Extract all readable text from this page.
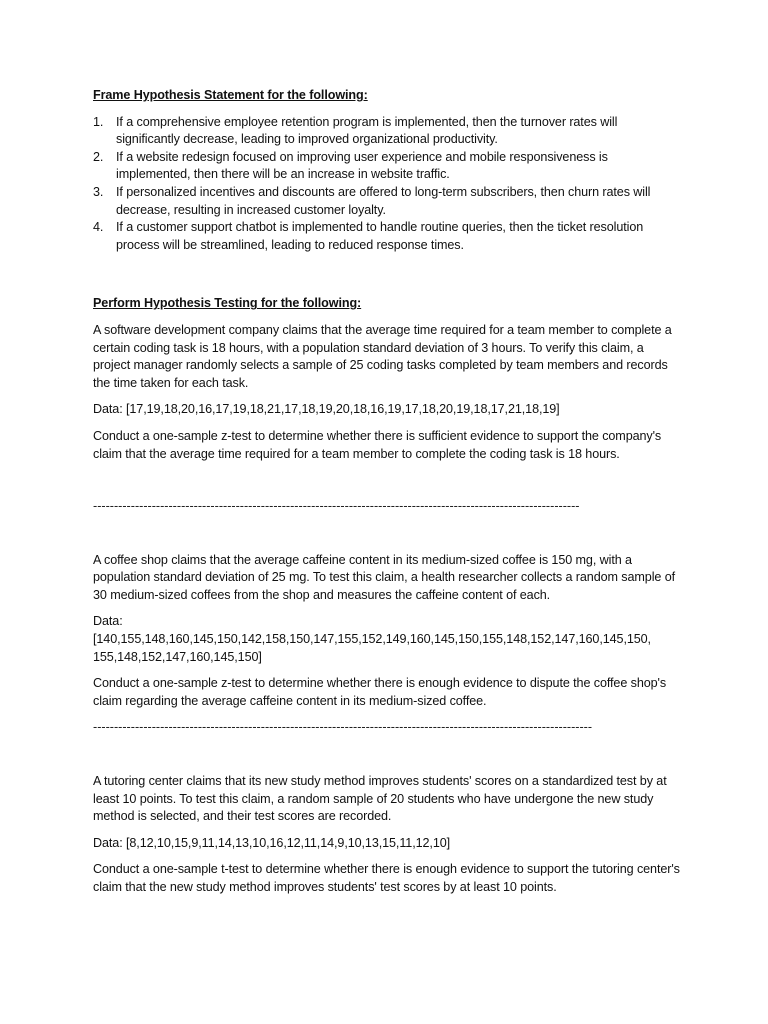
Frame Hypothesis Statement for the following:

1.	If a comprehensive employee retention program is implemented, then the turnover rates will significantly decrease, leading to improved organizational productivity.
2.	If a website redesign focused on improving user experience and mobile responsiveness is implemented, then there will be an increase in website traffic.
3.	If personalized incentives and discounts are offered to long-term subscribers, then churn rates will decrease, resulting in increased customer loyalty.
4.	If a customer support chatbot is implemented to handle routine queries, then the ticket resolution process will be streamlined, leading to reduced response times.

Perform Hypothesis Testing for the following:

A software development company claims that the average time required for a team member to complete a certain coding task is 18 hours, with a population standard deviation of 3 hours. To verify this claim, a project manager randomly selects a sample of 25 coding tasks completed by team members and records the time taken for each task.

Data: [17,19,18,20,16,17,19,18,21,17,18,19,20,18,16,19,17,18,20,19,18,17,21,18,19]

Conduct a one-sample z-test to determine whether there is sufficient evidence to support the company's claim that the average time required for a team member to complete the coding task is 18 hours.

--------------------------------------------------------------------------------------------------------------------

A coffee shop claims that the average caffeine content in its medium-sized coffee is 150 mg, with a population standard deviation of 25 mg. To test this claim, a health researcher collects a random sample of 30 medium-sized coffees from the shop and measures the caffeine content of each.

Data:

[140,155,148,160,145,150,142,158,150,147,155,152,149,160,145,150,155,148,152,147,160,145,150,

155,148,152,147,160,145,150]

Conduct a one-sample z-test to determine whether there is enough evidence to dispute the coffee shop's claim regarding the average caffeine content in its medium-sized coffee.

-----------------------------------------------------------------------------------------------------------------------

A tutoring center claims that its new study method improves students' scores on a standardized test by at least 10 points. To test this claim, a random sample of 20 students who have undergone the new study method is selected, and their test scores are recorded.

Data: [8,12,10,15,9,11,14,13,10,16,12,11,14,9,10,13,15,11,12,10]

Conduct a one-sample t-test to determine whether there is enough evidence to support the tutoring center's claim that the new study method improves students' test scores by at least 10 points.
